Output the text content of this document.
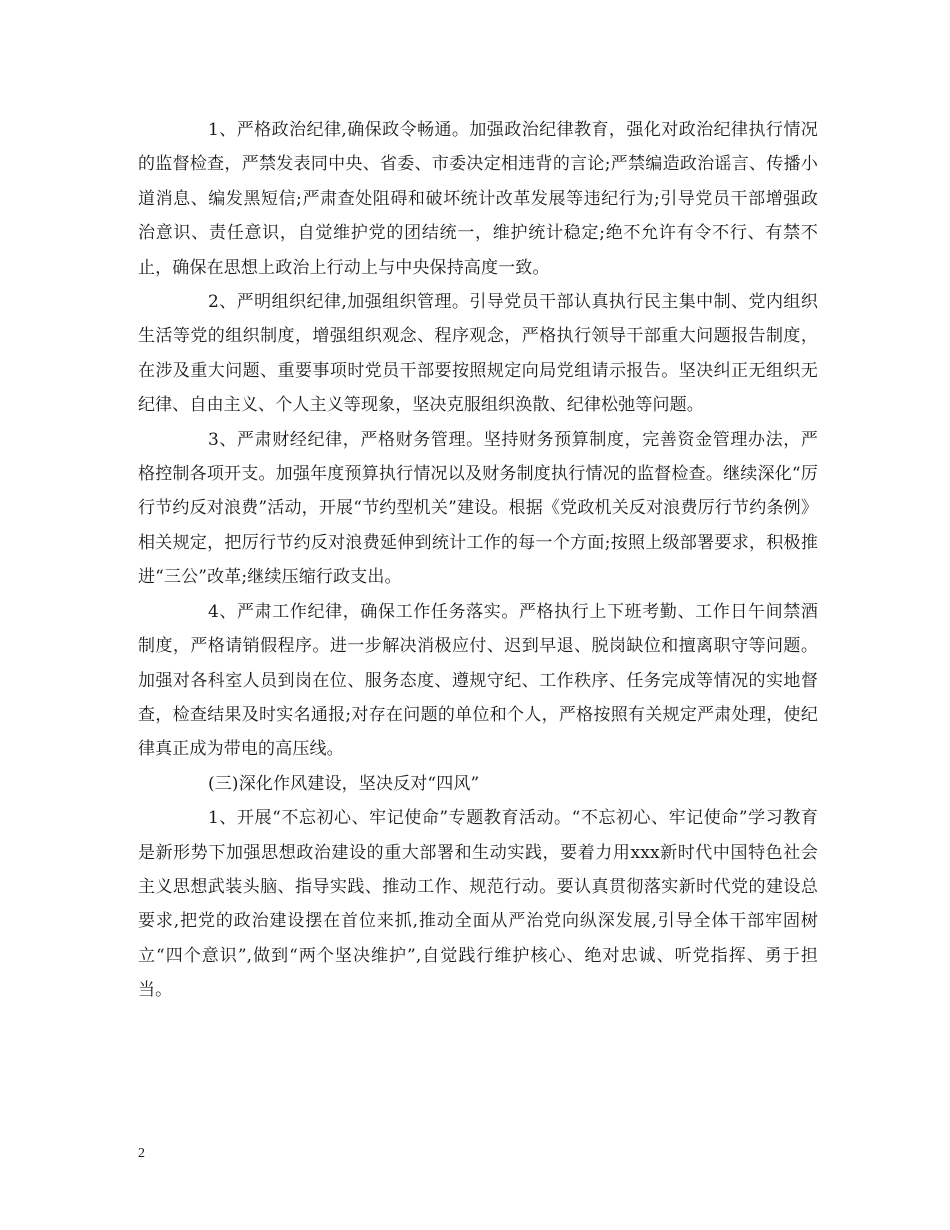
1、严格政治纪律,确保政令畅通。加强政治纪律教育，强化对政治纪律执行情况的监督检查，严禁发表同中央、省委、市委决定相违背的言论;严禁编造政治谣言、传播小道消息、编发黑短信;严肃查处阻碍和破坏统计改革发展等违纪行为;引导党员干部增强政治意识、责任意识，自觉维护党的团结统一，维护统计稳定;绝不允许有令不行、有禁不止，确保在思想上政治上行动上与中央保持高度一致。

2、严明组织纪律,加强组织管理。引导党员干部认真执行民主集中制、党内组织生活等党的组织制度，增强组织观念、程序观念，严格执行领导干部重大问题报告制度，在涉及重大问题、重要事项时党员干部要按照规定向局党组请示报告。坚决纠正无组织无纪律、自由主义、个人主义等现象，坚决克服组织涣散、纪律松弛等问题。

3、严肃财经纪律，严格财务管理。坚持财务预算制度，完善资金管理办法，严格控制各项开支。加强年度预算执行情况以及财务制度执行情况的监督检查。继续深化“厉行节约反对浪费”活动，开展“节约型机关”建设。根据《党政机关反对浪费厉行节约条例》相关规定，把厉行节约反对浪费延伸到统计工作的每一个方面;按照上级部署要求，积极推进“三公”改革;继续压缩行政支出。

4、严肃工作纪律，确保工作任务落实。严格执行上下班考勤、工作日午间禁酒制度，严格请销假程序。进一步解决消极应付、迟到早退、脱岗缺位和擅离职守等问题。加强对各科室人员到岗在位、服务态度、遵规守纪、工作秩序、任务完成等情况的实地督查，检查结果及时实名通报;对存在问题的单位和个人，严格按照有关规定严肃处理，使纪律真正成为带电的高压线。

(三)深化作风建设，坚决反对“四风”

1、开展“不忘初心、牢记使命”专题教育活动。“不忘初心、牢记使命”学习教育是新形势下加强思想政治建设的重大部署和生动实践，要着力用xxx新时代中国特色社会主义思想武装头脑、指导实践、推动工作、规范行动。要认真贯彻落实新时代党的建设总要求,把党的政治建设摆在首位来抓,推动全面从严治党向纵深发展,引导全体干部牢固树立“四个意识”,做到“两个坚决维护”,自觉践行维护核心、绝对忠诚、听党指挥、勇于担当。

2
